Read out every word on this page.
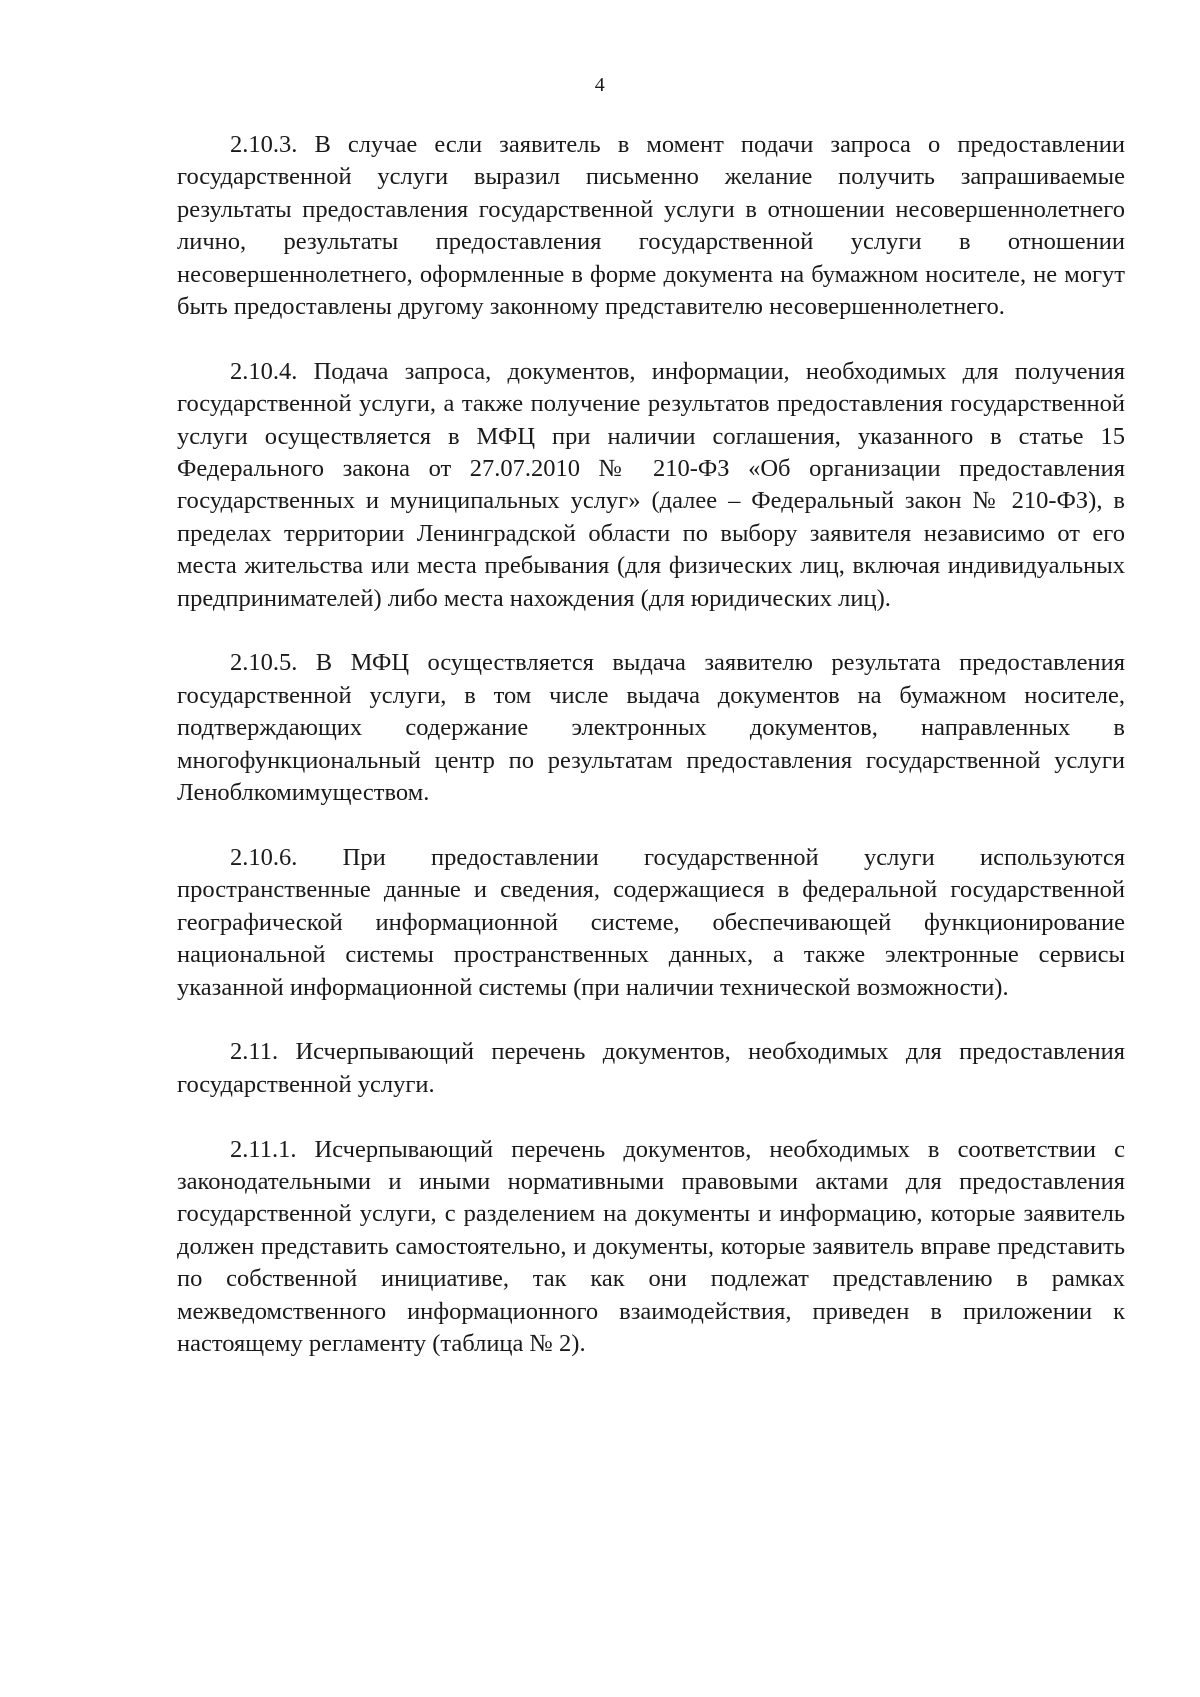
4

2.10.3. В случае если заявитель в момент подачи запроса о предоставлении государственной услуги выразил письменно желание получить запрашиваемые результаты предоставления государственной услуги в отношении несовершеннолетнего лично, результаты предоставления государственной услуги в отношении несовершеннолетнего, оформленные в форме документа на бумажном носителе, не могут быть предоставлены другому законному представителю несовершеннолетнего.

2.10.4. Подача запроса, документов, информации, необходимых для получения государственной услуги, а также получение результатов предоставления государственной услуги осуществляется в МФЦ при наличии соглашения, указанного в статье 15 Федерального закона от 27.07.2010 № 210-ФЗ «Об организации предоставления государственных и муниципальных услуг» (далее – Федеральный закон № 210-ФЗ), в пределах территории Ленинградской области по выбору заявителя независимо от его места жительства или места пребывания (для физических лиц, включая индивидуальных предпринимателей) либо места нахождения (для юридических лиц).

2.10.5. В МФЦ осуществляется выдача заявителю результата предоставления государственной услуги, в том числе выдача документов на бумажном носителе, подтверждающих содержание электронных документов, направленных в многофункциональный центр по результатам предоставления государственной услуги Леноблкомимуществом.

2.10.6. При предоставлении государственной услуги используются пространственные данные и сведения, содержащиеся в федеральной государственной географической информационной системе, обеспечивающей функционирование национальной системы пространственных данных, а также электронные сервисы указанной информационной системы (при наличии технической возможности).

2.11. Исчерпывающий перечень документов, необходимых для предоставления государственной услуги.

2.11.1. Исчерпывающий перечень документов, необходимых в соответствии с законодательными и иными нормативными правовыми актами для предоставления государственной услуги, с разделением на документы и информацию, которые заявитель должен представить самостоятельно, и документы, которые заявитель вправе представить по собственной инициативе, так как они подлежат представлению в рамках межведомственного информационного взаимодействия, приведен в приложении к настоящему регламенту (таблица № 2).
